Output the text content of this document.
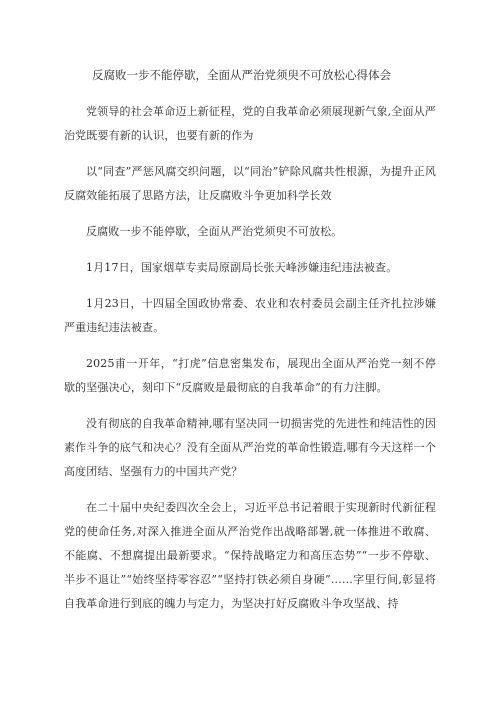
反腐败一步不能停歇，全面从严治党须臾不可放松心得体会

党领导的社会革命迈上新征程，党的自我革命必须展现新气象,全面从严治党既要有新的认识，也要有新的作为

以“同查”严惩风腐交织问题，以“同治”铲除风腐共性根源，为提升正风反腐效能拓展了思路方法，让反腐败斗争更加科学长效

反腐败一步不能停歇，全面从严治党须臾不可放松。

1月17日，国家烟草专卖局原副局长张天峰涉嫌违纪违法被查。

1月23日，十四届全国政协常委、农业和农村委员会副主任齐扎拉涉嫌严重违纪违法被查。

2025甫一开年，“打虎”信息密集发布，展现出全面从严治党一刻不停歇的坚强决心，刻印下“反腐败是最彻底的自我革命”的有力注脚。

没有彻底的自我革命精神,哪有坚决同一切损害党的先进性和纯洁性的因素作斗争的底气和决心？没有全面从严治党的革命性锻造,哪有今天这样一个高度团结、坚强有力的中国共产党？

在二十届中央纪委四次全会上，习近平总书记着眼于实现新时代新征程党的使命任务,对深入推进全面从严治党作出战略部署,就一体推进不敢腐、不能腐、不想腐提出最新要求。“保持战略定力和高压态势”“一步不停歇、半步不退让”“始终坚持零容忍”“坚持打铁必须自身硬”……字里行间,彰显将自我革命进行到底的魄力与定力，为坚决打好反腐败斗争攻坚战、持
